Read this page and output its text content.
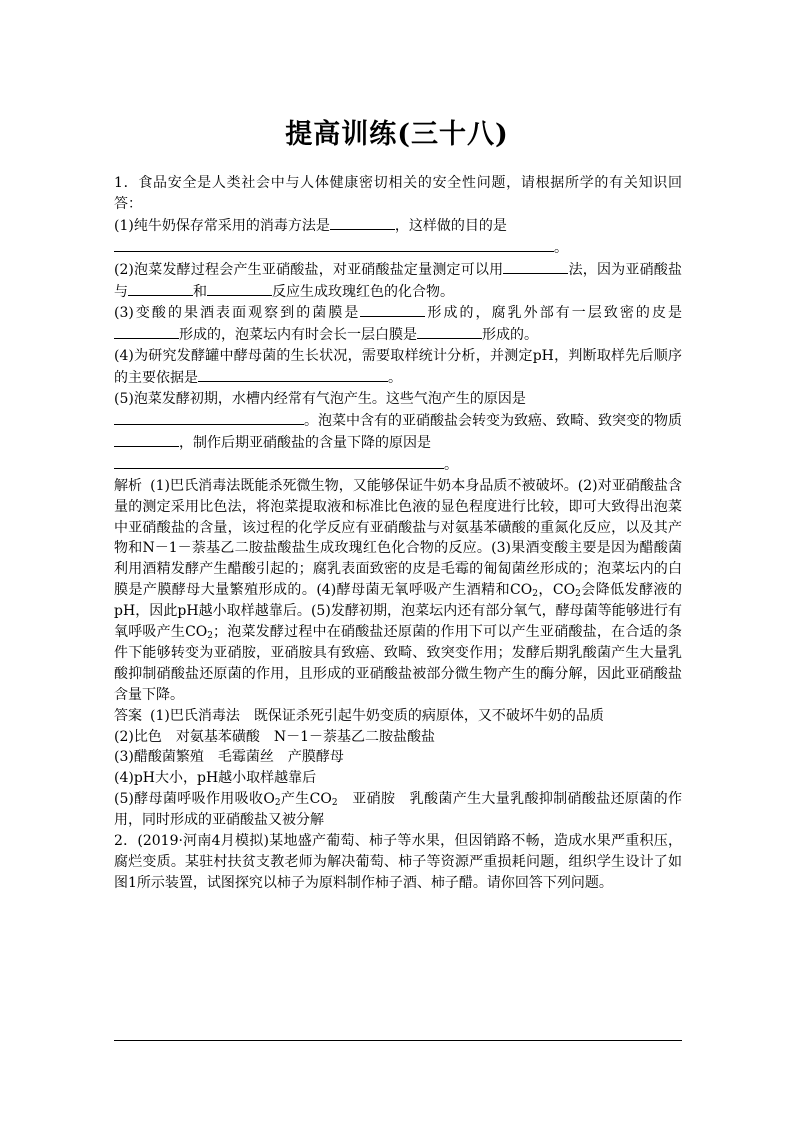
提高训练(三十八)

1．食品安全是人类社会中与人体健康密切相关的安全性问题，请根据所学的有关知识回答：

(1)纯牛奶保存常采用的消毒方法是	，这样做的目的是
。

(2)泡菜发酵过程会产生亚硝酸盐，对亚硝酸盐定量测定可以用	法，因为亚硝酸盐与	和	反应生成玫瑰红色的化合物。

(3)变酸的果酒表面观察到的菌膜是	形成的，腐乳外部有一层致密的皮是形成的，泡菜坛内有时会长一层白膜是	形成的。

(4)为研究发酵罐中酵母菌的生长状况，需要取样统计分析，并测定pH，判断取样先后顺序的主要依据是	。

(5)泡菜发酵初期，水槽内经常有气泡产生。这些气泡产生的原因是
。泡菜中含有的亚硝酸盐会转变为致癌、致畸、致突变的物质，制作后期亚硝酸盐的含量下降的原因是
。

解析 (1)巴氏消毒法既能杀死微生物，又能够保证牛奶本身品质不被破坏。(2)对亚硝酸盐含量的测定采用比色法，将泡菜提取液和标准比色液的显色程度进行比较，即可大致得出泡菜中亚硝酸盐的含量，该过程的化学反应有亚硝酸盐与对氨基苯磺酸的重氮化反应，以及其产物和N－1－萘基乙二胺盐酸盐生成玫瑰红色化合物的反应。(3)果酒变酸主要是因为醋酸菌利用酒精发酵产生醋酸引起的；腐乳表面致密的皮是毛霉的匍匐菌丝形成的；泡菜坛内的白膜是产膜酵母大量繁殖形成的。(4)酵母菌无氧呼吸产生酒精和$CO_2$，$CO_2$会降低发酵液的pH，因此pH越小取样越靠后。(5)发酵初期，泡菜坛内还有部分氧气，酵母菌等能够进行有氧呼吸产生$CO_2$；泡菜发酵过程中在硝酸盐还原菌的作用下可以产生亚硝酸盐，在合适的条件下能够转变为亚硝胺，亚硝胺具有致癌、致畸、致突变作用；发酵后期乳酸菌产生大量乳酸抑制硝酸盐还原菌的作用，且形成的亚硝酸盐被部分微生物产生的酶分解，因此亚硝酸盐含量下降。

答案 (1)巴氏消毒法　既保证杀死引起牛奶变质的病原体，又不破坏牛奶的品质

(2)比色　对氨基苯磺酸　N－1－萘基乙二胺盐酸盐

(3)醋酸菌繁殖　毛霉菌丝　产膜酵母

(4)pH大小，pH越小取样越靠后

(5)酵母菌呼吸作用吸收$O_2$产生$CO_2$　亚硝胺　乳酸菌产生大量乳酸抑制硝酸盐还原菌的作用，同时形成的亚硝酸盐又被分解

2．(2019·河南4月模拟)某地盛产葡萄、柿子等水果，但因销路不畅，造成水果严重积压，腐烂变质。某驻村扶贫支教老师为解决葡萄、柿子等资源严重损耗问题，组织学生设计了如图1所示装置，试图探究以柿子为原料制作柿子酒、柿子醋。请你回答下列问题。
